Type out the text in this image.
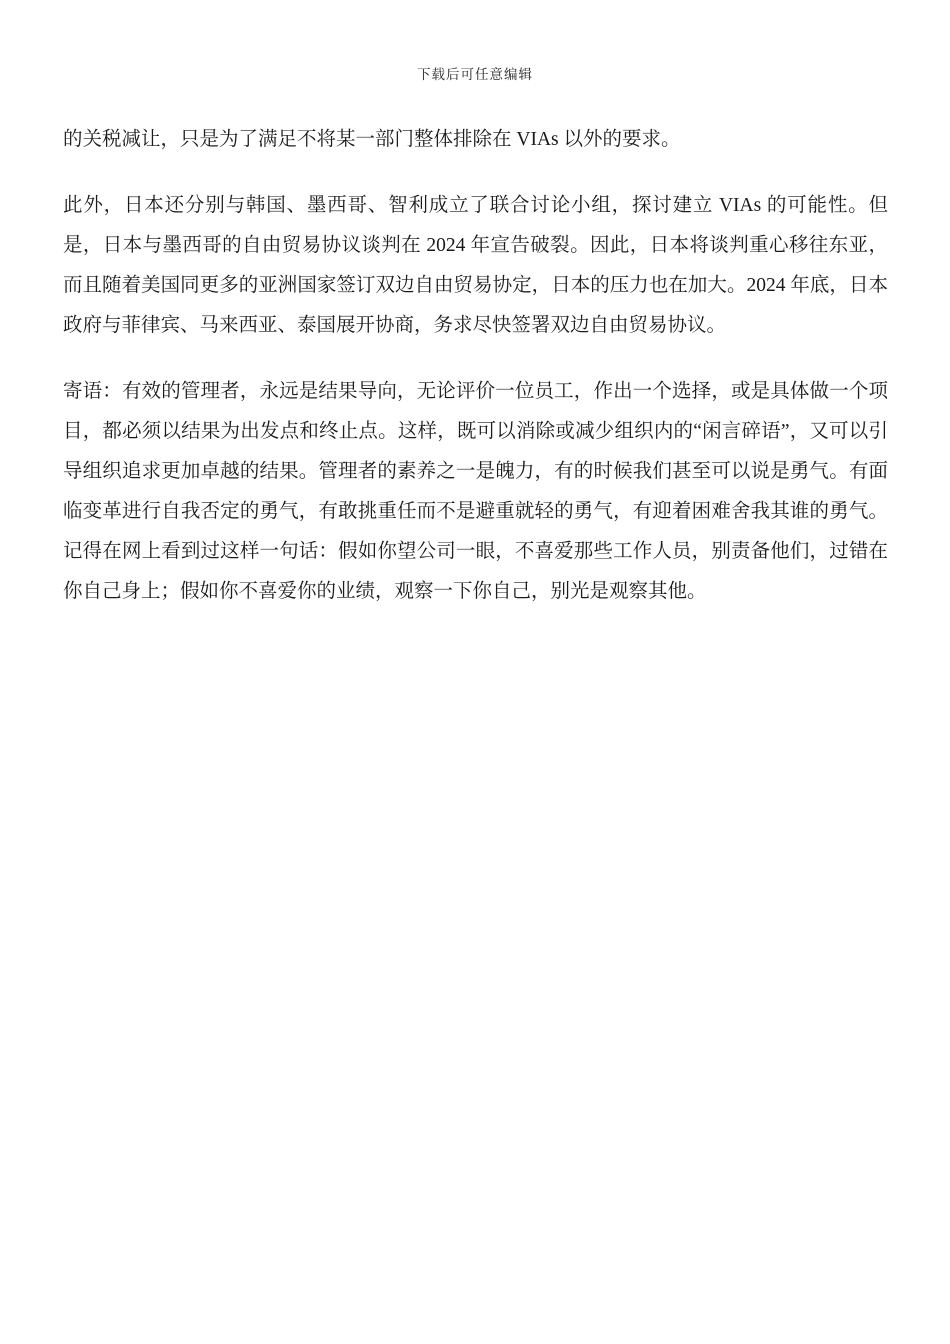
下载后可任意编辑

的关税减让，只是为了满足不将某一部门整体排除在 VIAs 以外的要求。

此外，日本还分别与韩国、墨西哥、智利成立了联合讨论小组，探讨建立 VIAs 的可能性。但是，日本与墨西哥的自由贸易协议谈判在 2024 年宣告破裂。因此，日本将谈判重心移往东亚，而且随着美国同更多的亚洲国家签订双边自由贸易协定，日本的压力也在加大。2024 年底，日本政府与菲律宾、马来西亚、泰国展开协商，务求尽快签署双边自由贸易协议。

寄语：有效的管理者，永远是结果导向，无论评价一位员工，作出一个选择，或是具体做一个项目，都必须以结果为出发点和终止点。这样，既可以消除或减少组织内的“闲言碎语”，又可以引导组织追求更加卓越的结果。管理者的素养之一是魄力，有的时候我们甚至可以说是勇气。有面临变革进行自我否定的勇气，有敢挑重任而不是避重就轻的勇气，有迎着困难舍我其谁的勇气。记得在网上看到过这样一句话：假如你望公司一眼，不喜爱那些工作人员，别责备他们，过错在你自己身上；假如你不喜爱你的业绩，观察一下你自己，别光是观察其他。
